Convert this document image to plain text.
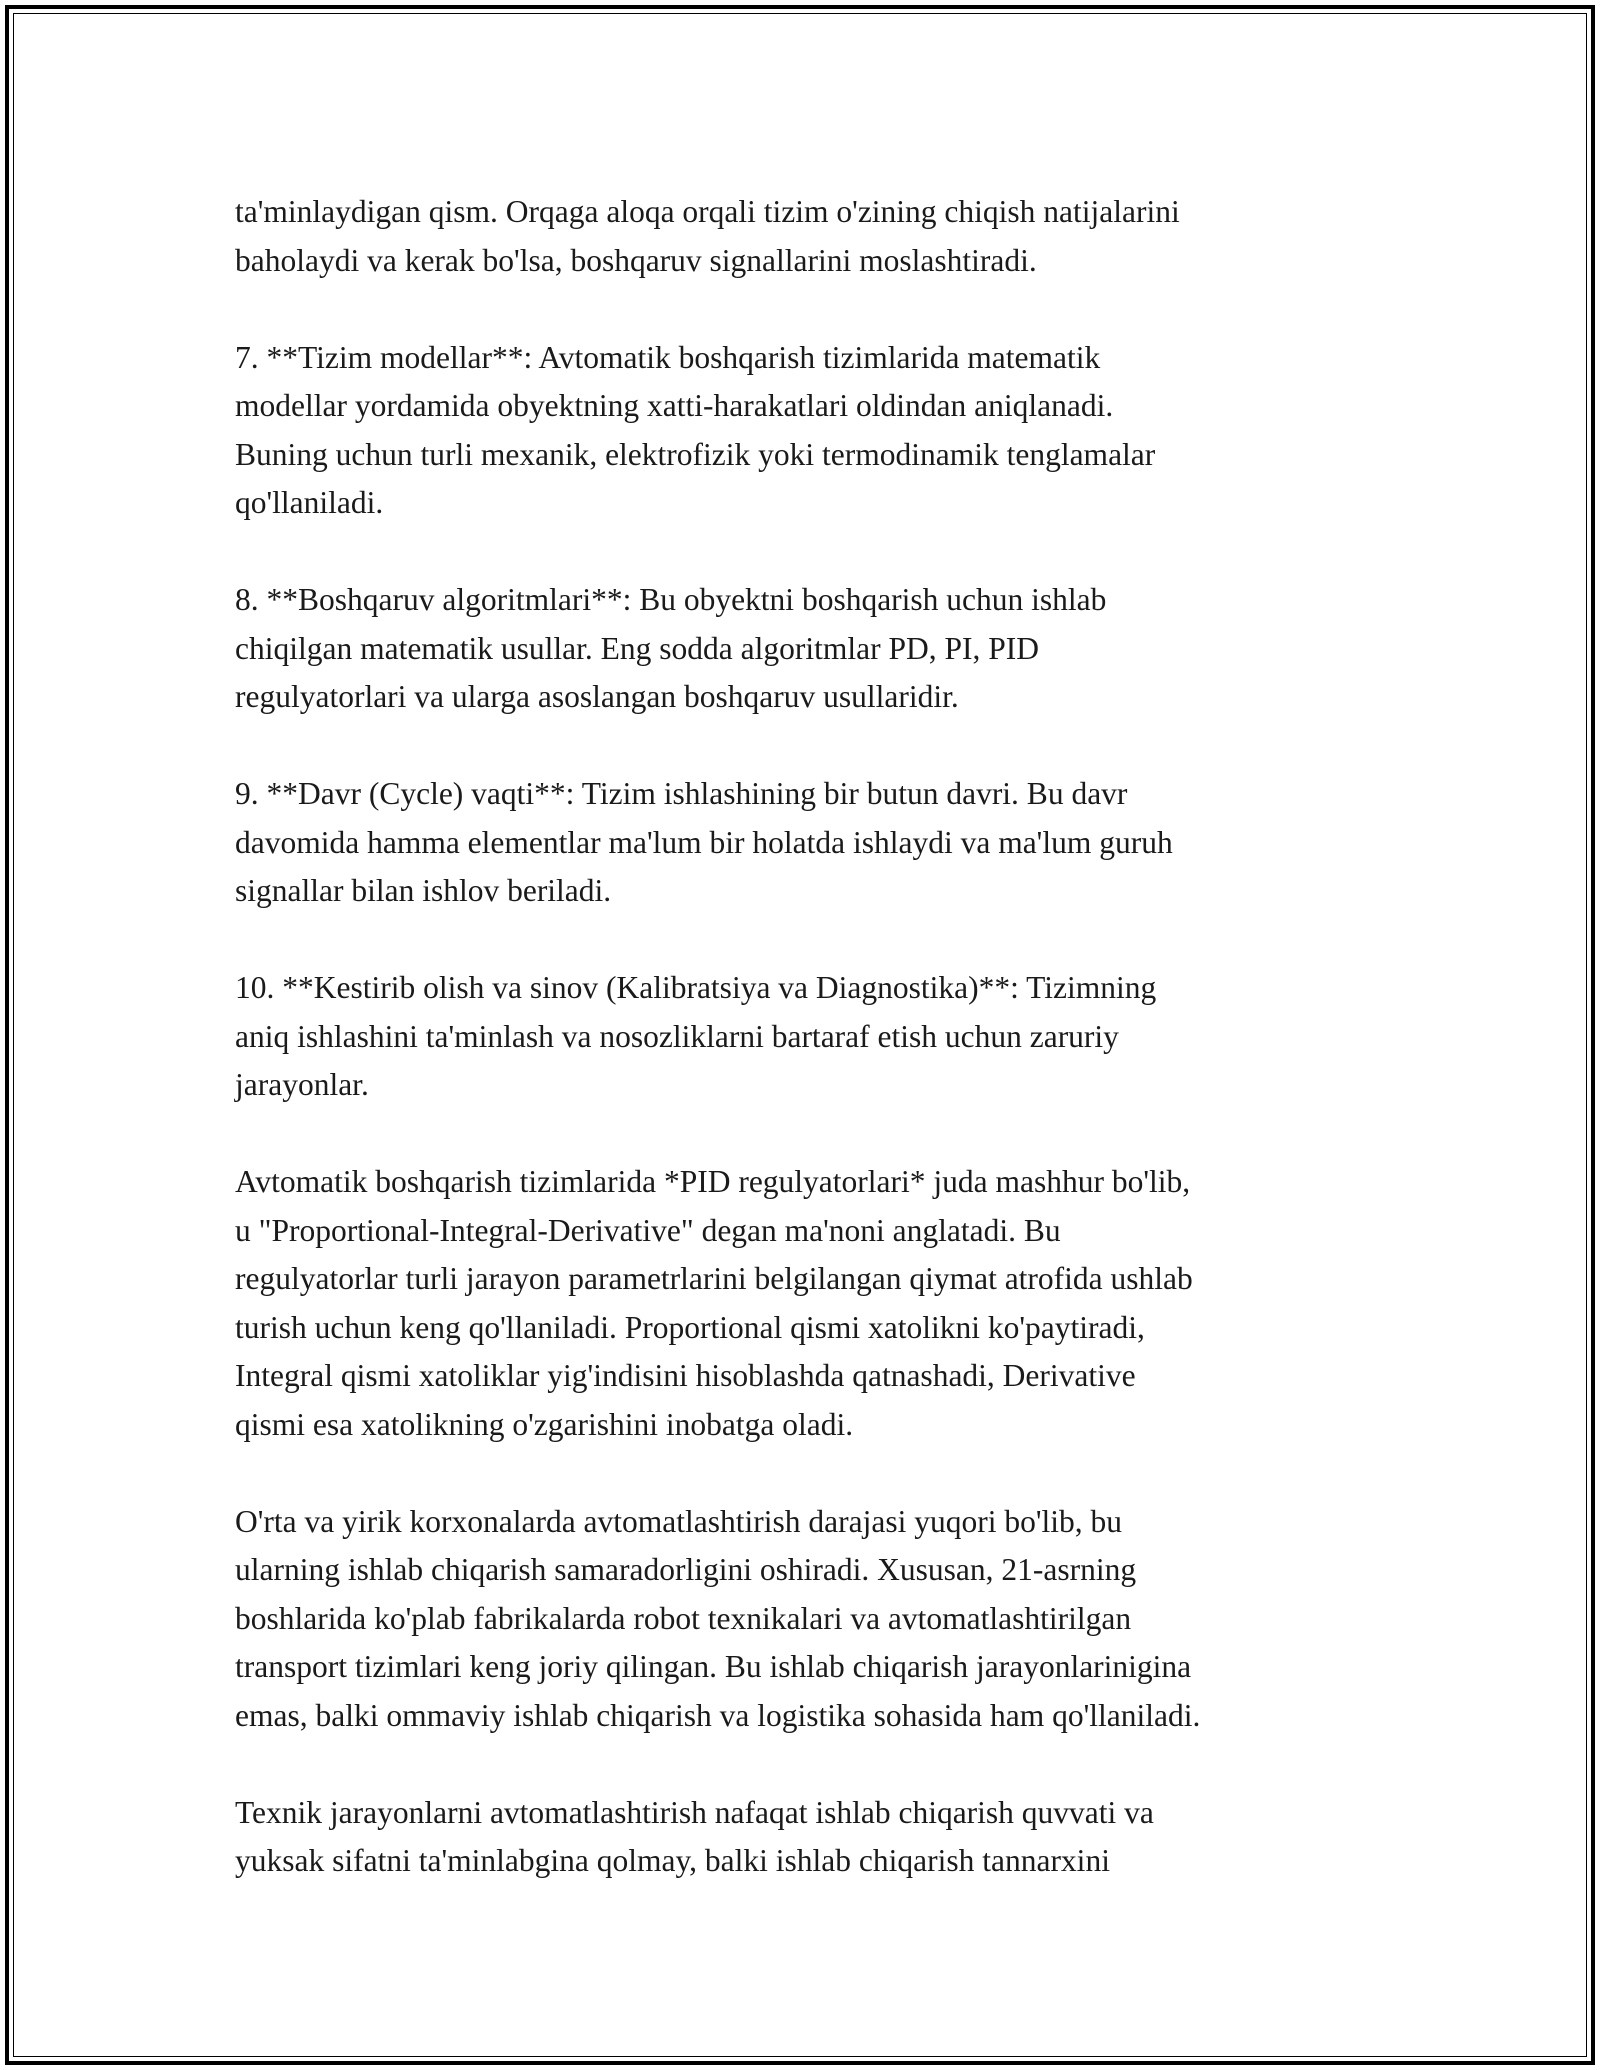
ta'minlaydigan qism. Orqaga aloqa orqali tizim o'zining chiqish natijalarini
baholaydi va kerak bo'lsa, boshqaruv signallarini moslashtiradi.

7. **Tizim modellar**: Avtomatik boshqarish tizimlarida matematik
modellar yordamida obyektning xatti-harakatlari oldindan aniqlanadi.
Buning uchun turli mexanik, elektrofizik yoki termodinamik tenglamalar
qo'llaniladi.

8. **Boshqaruv algoritmlari**: Bu obyektni boshqarish uchun ishlab
chiqilgan matematik usullar. Eng sodda algoritmlar PD, PI, PID
regulyatorlari va ularga asoslangan boshqaruv usullaridir.

9. **Davr (Cycle) vaqti**: Tizim ishlashining bir butun davri. Bu davr
davomida hamma elementlar ma'lum bir holatda ishlaydi va ma'lum guruh
signallar bilan ishlov beriladi.

10. **Kestirib olish va sinov (Kalibratsiya va Diagnostika)**: Tizimning
aniq ishlashini ta'minlash va nosozliklarni bartaraf etish uchun zaruriy
jarayonlar.

Avtomatik boshqarish tizimlarida *PID regulyatorlari* juda mashhur bo'lib,
u "Proportional-Integral-Derivative" degan ma'noni anglatadi. Bu
regulyatorlar turli jarayon parametrlarini belgilangan qiymat atrofida ushlab
turish uchun keng qo'llaniladi. Proportional qismi xatolikni ko'paytiradi,
Integral qismi xatoliklar yig'indisini hisoblashda qatnashadi, Derivative
qismi esa xatolikning o'zgarishini inobatga oladi.

O'rta va yirik korxonalarda avtomatlashtirish darajasi yuqori bo'lib, bu
ularning ishlab chiqarish samaradorligini oshiradi. Xususan, 21-asrning
boshlarida ko'plab fabrikalarda robot texnikalari va avtomatlashtirilgan
transport tizimlari keng joriy qilingan. Bu ishlab chiqarish jarayonlarinigina
emas, balki ommaviy ishlab chiqarish va logistika sohasida ham qo'llaniladi.

Texnik jarayonlarni avtomatlashtirish nafaqat ishlab chiqarish quvvati va
yuksak sifatni ta'minlabgina qolmay, balki ishlab chiqarish tannarxini
